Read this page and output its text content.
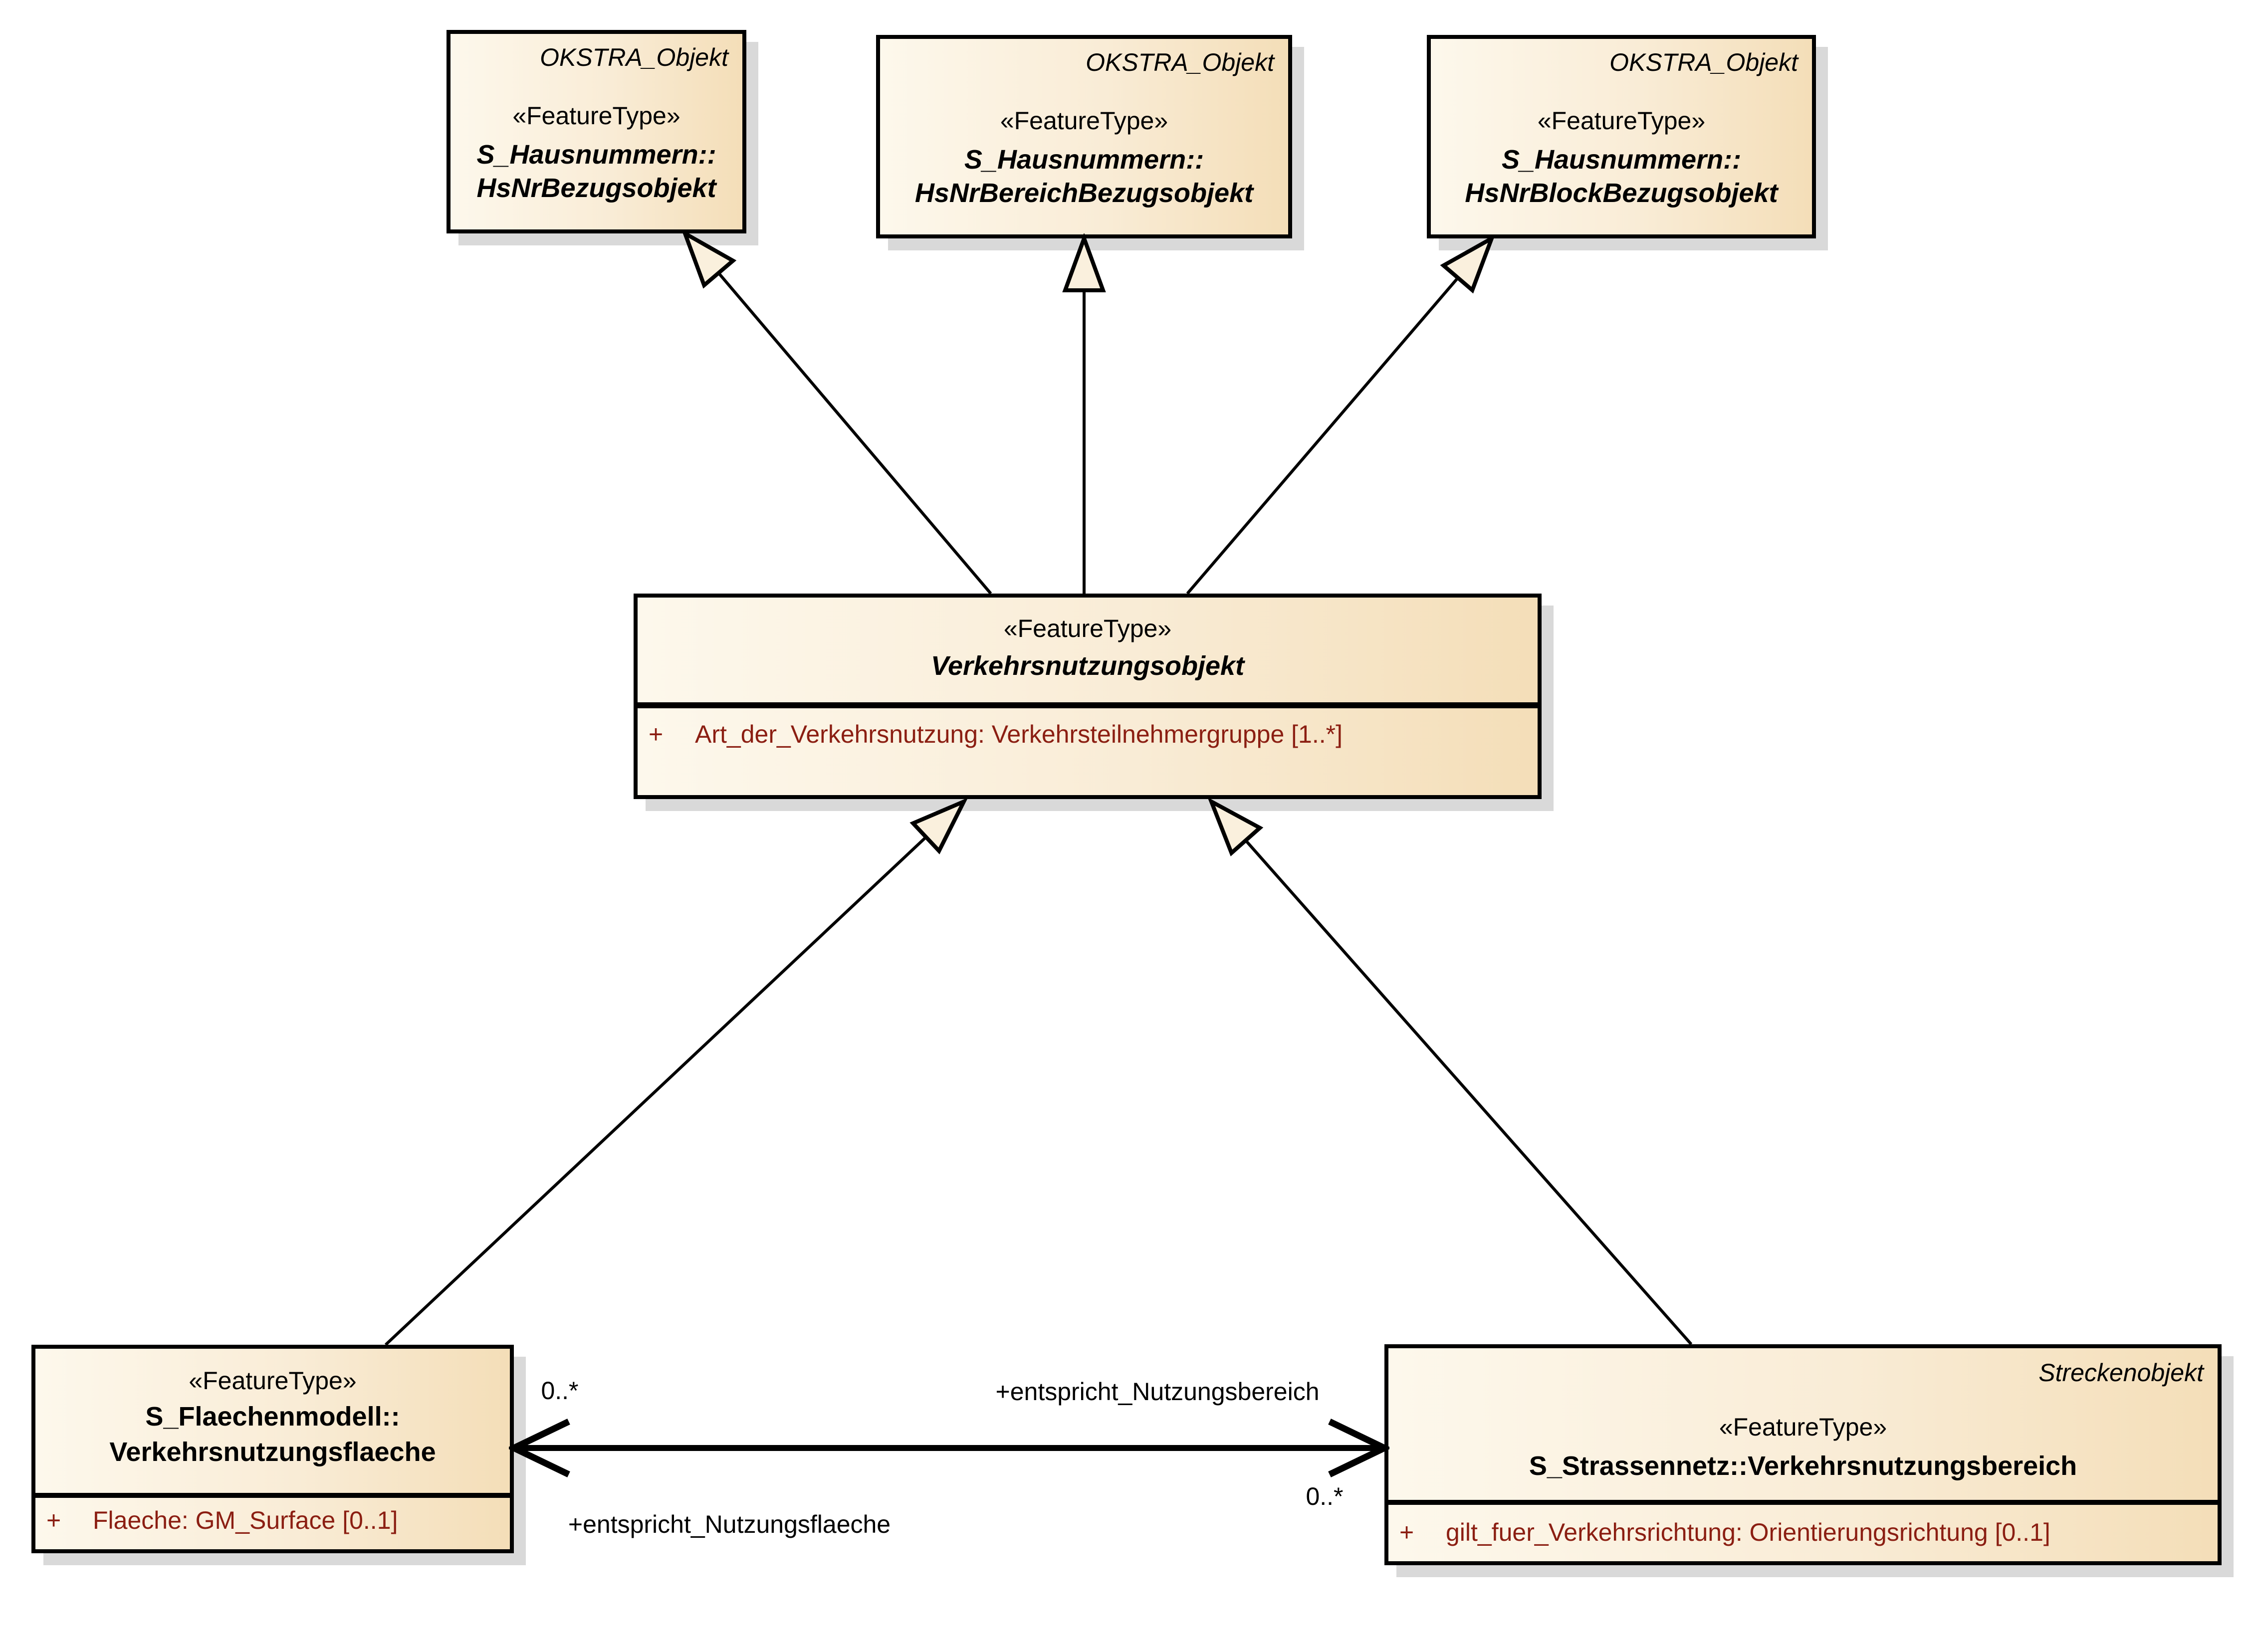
OKSTRA_Objekt
«FeatureType»
S_Hausnummern::
HsNrBezugsobjekt
OKSTRA_Objekt
«FeatureType»
S_Hausnummern::
HsNrBereichBezugsobjekt
OKSTRA_Objekt
«FeatureType»
S_Hausnummern::
HsNrBlockBezugsobjekt
«FeatureType»
Verkehrsnutzungsobjekt
+ Art_der_Verkehrsnutzung: Verkehrsteilnehmergruppe [1..*]
«FeatureType»
S_Flaechenmodell::
Verkehrsnutzungsflaeche
+ Flaeche: GM_Surface [0..1]
Streckenobjekt
«FeatureType»
S_Strassennetz::Verkehrsnutzungsbereich
+ gilt_fuer_Verkehrsrichtung: Orientierungsrichtung [0..1]
0..*	+entspricht_Nutzungsbereich
0..*
+entspricht_Nutzungsflaeche
